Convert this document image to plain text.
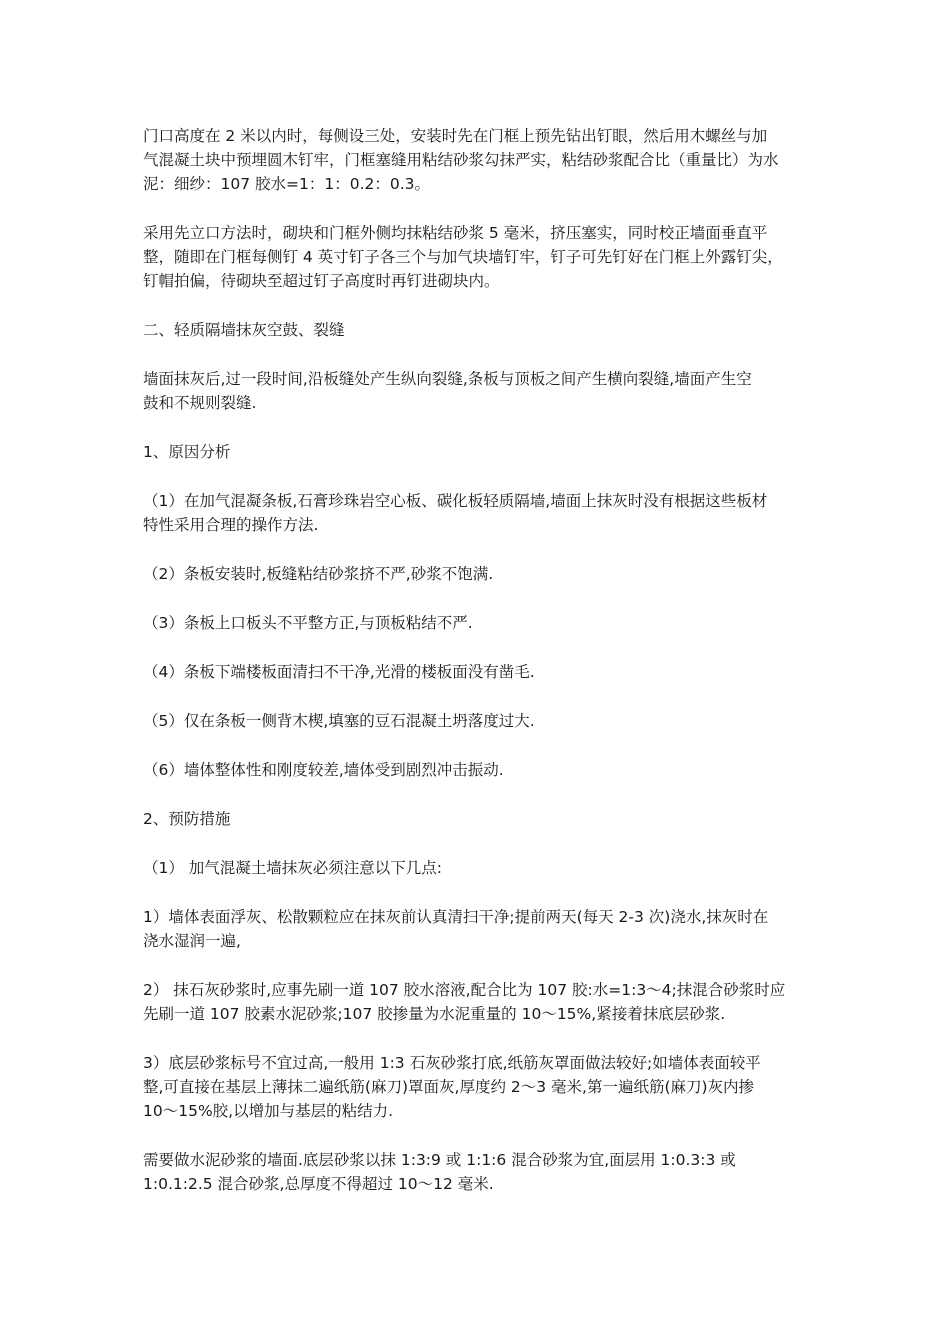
门口高度在 2 米以内时，每侧设三处，安装时先在门框上预先钻出钉眼，然后用木螺丝与加
气混凝土块中预埋圆木钉牢，门框塞缝用粘结砂浆勾抹严实，粘结砂浆配合比（重量比）为水
泥：细纱：107 胶水=1：1：0.2：0.3。
采用先立口方法时，砌块和门框外侧均抹粘结砂浆 5 毫米，挤压塞实，同时校正墙面垂直平
整，随即在门框每侧钉 4 英寸钉子各三个与加气块墙钉牢，钉子可先钉好在门框上外露钉尖，
钉帽拍偏，待砌块至超过钉子高度时再钉进砌块内。
二、轻质隔墙抹灰空鼓、裂缝
墙面抹灰后,过一段时间,沿板缝处产生纵向裂缝,条板与顶板之间产生横向裂缝,墙面产生空
鼓和不规则裂缝.
1、原因分析
（1）在加气混凝条板,石膏珍珠岩空心板、碳化板轻质隔墙,墙面上抹灰时没有根据这些板材
特性采用合理的操作方法.
（2）条板安装时,板缝粘结砂浆挤不严,砂浆不饱满.
（3）条板上口板头不平整方正,与顶板粘结不严.
（4）条板下端楼板面清扫不干净,光滑的楼板面没有凿毛.
（5）仅在条板一侧背木楔,填塞的豆石混凝土坍落度过大.
（6）墙体整体性和刚度较差,墙体受到剧烈冲击振动.
2、预防措施
（1） 加气混凝土墙抹灰必须注意以下几点:
1）墙体表面浮灰、松散颗粒应在抹灰前认真清扫干净;提前两天(每天 2-3 次)浇水,抹灰时在
浇水湿润一遍,
2） 抹石灰砂浆时,应事先刷一道 107 胶水溶液,配合比为 107 胶:水=1:3～4;抹混合砂浆时应
先刷一道 107 胶素水泥砂浆;107 胶掺量为水泥重量的 10～15%,紧接着抹底层砂浆.
3）底层砂浆标号不宜过高,一般用 1:3 石灰砂浆打底,纸筋灰罩面做法较好;如墙体表面较平
整,可直接在基层上薄抹二遍纸筋(麻刀)罩面灰,厚度约 2～3 毫米,第一遍纸筋(麻刀)灰内掺
10～15%胶,以增加与基层的粘结力.
需要做水泥砂浆的墙面.底层砂浆以抹 1:3:9 或 1:1:6 混合砂浆为宜,面层用 1:0.3:3 或
1:0.1:2.5 混合砂浆,总厚度不得超过 10～12 毫米.
